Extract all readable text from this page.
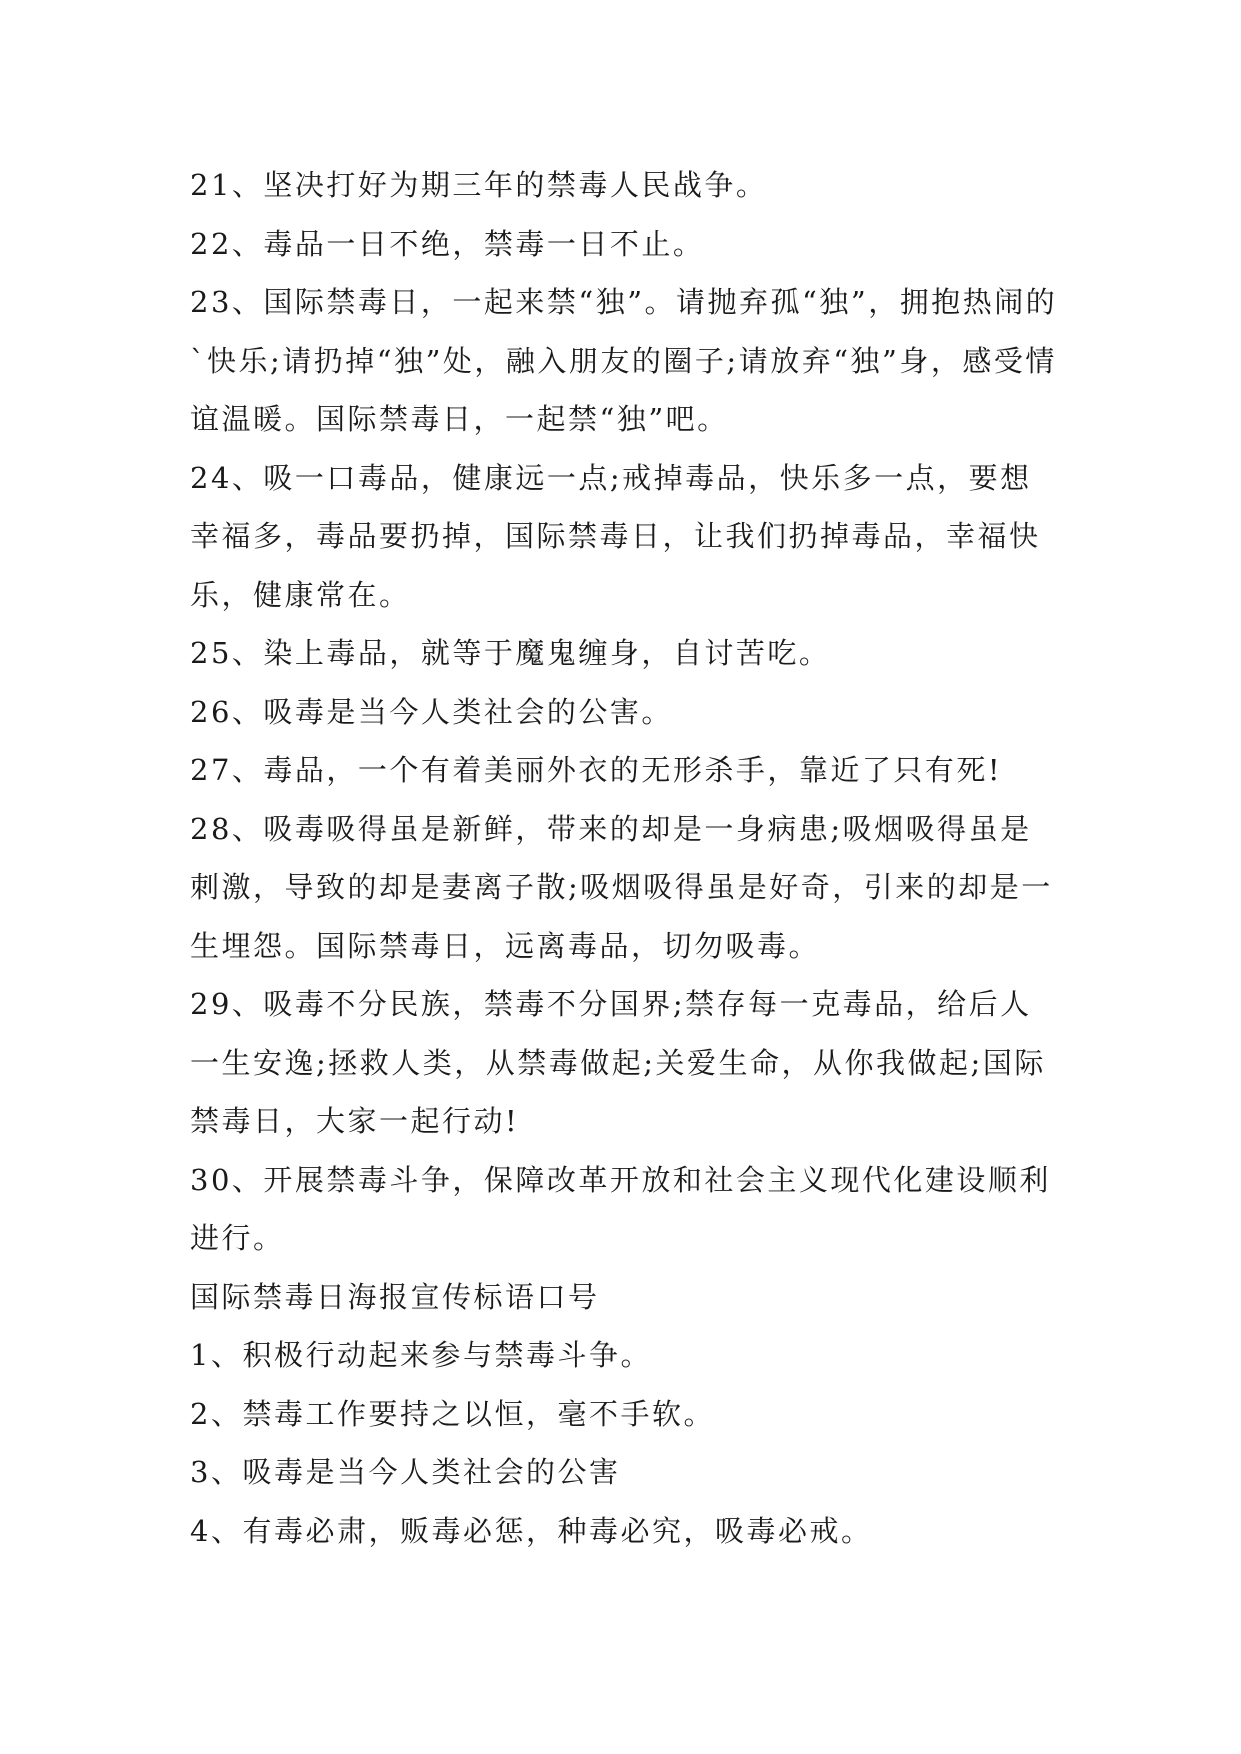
21、坚决打好为期三年的禁毒人民战争。

22、毒品一日不绝，禁毒一日不止。

23、国际禁毒日，一起来禁“独”。请抛弃孤“独”，拥抱热闹的`快乐;请扔掉“独”处，融入朋友的圈子;请放弃“独”身，感受情谊温暖。国际禁毒日，一起禁“独”吧。

24、吸一口毒品，健康远一点;戒掉毒品，快乐多一点，要想幸福多，毒品要扔掉，国际禁毒日，让我们扔掉毒品，幸福快乐，健康常在。

25、染上毒品，就等于魔鬼缠身，自讨苦吃。

26、吸毒是当今人类社会的公害。

27、毒品，一个有着美丽外衣的无形杀手，靠近了只有死!

28、吸毒吸得虽是新鲜，带来的却是一身病患;吸烟吸得虽是刺激，导致的却是妻离子散;吸烟吸得虽是好奇，引来的却是一生埋怨。国际禁毒日，远离毒品，切勿吸毒。

29、吸毒不分民族，禁毒不分国界;禁存每一克毒品，给后人一生安逸;拯救人类，从禁毒做起;关爱生命，从你我做起;国际禁毒日，大家一起行动!

30、开展禁毒斗争，保障改革开放和社会主义现代化建设顺利进行。

国际禁毒日海报宣传标语口号

1、积极行动起来参与禁毒斗争。

2、禁毒工作要持之以恒，毫不手软。

3、吸毒是当今人类社会的公害

4、有毒必肃，贩毒必惩，种毒必究，吸毒必戒。
